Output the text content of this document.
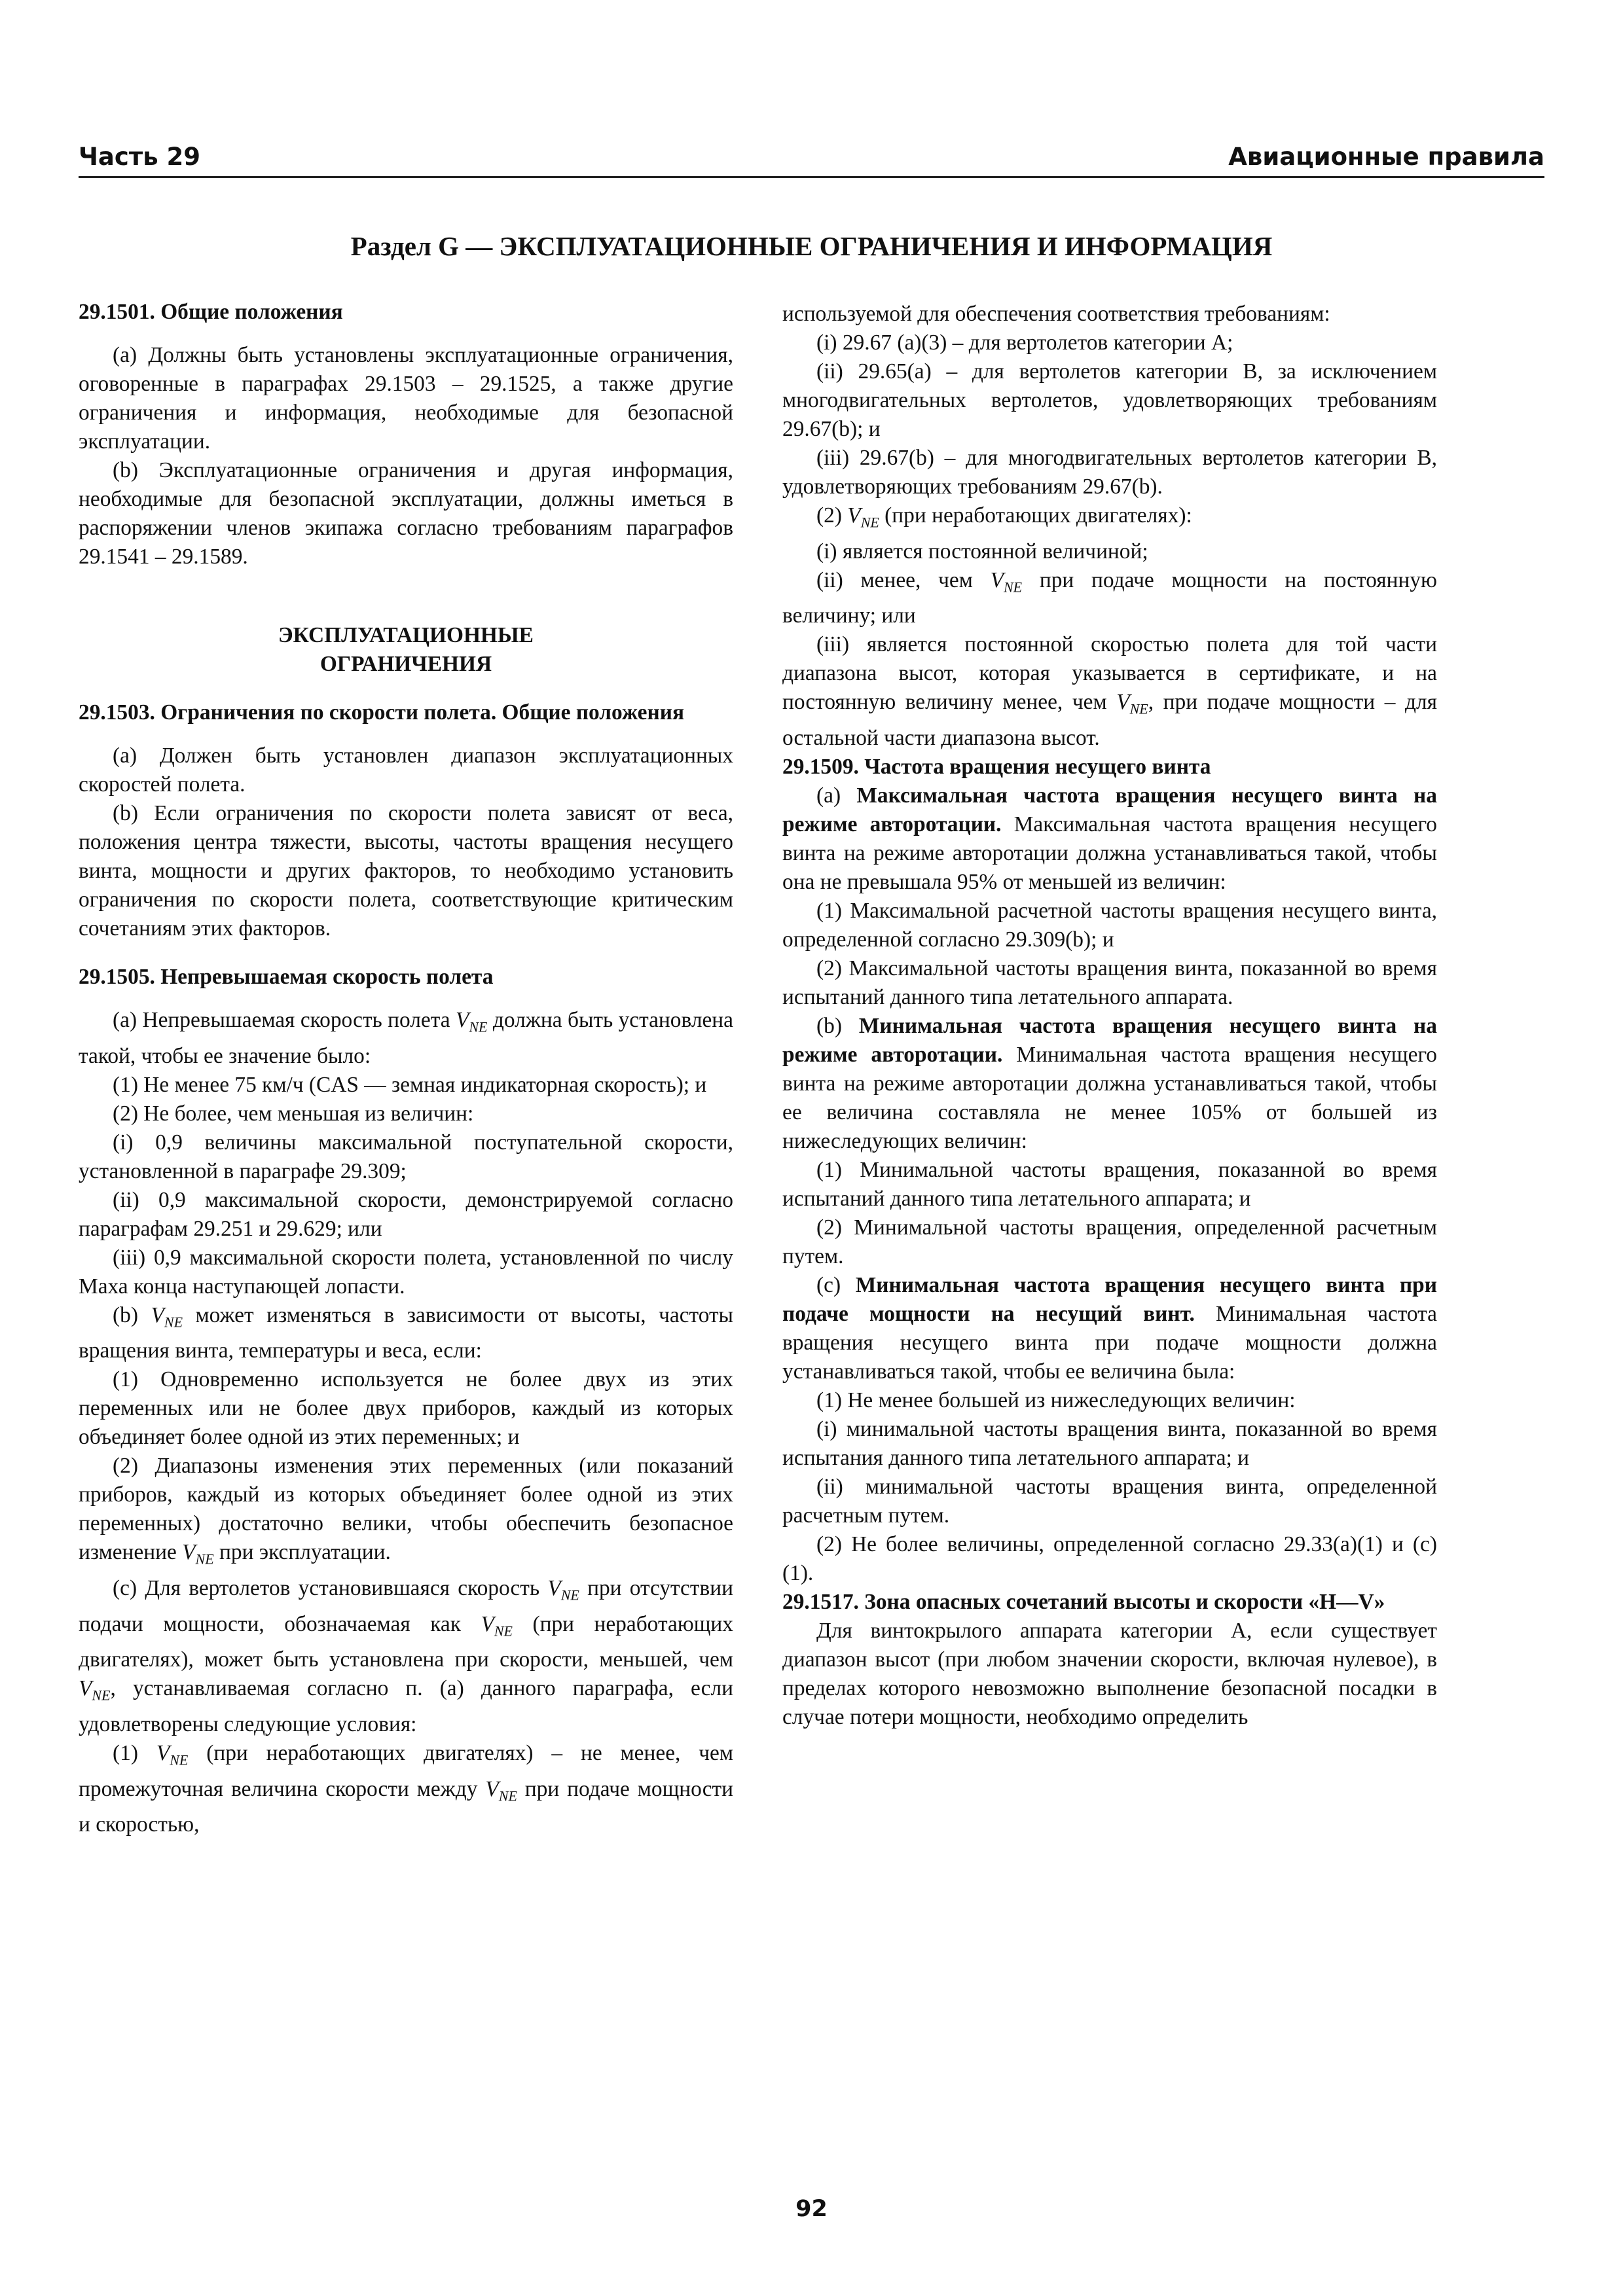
Часть 29	Авиационные правила
Раздел G — ЭКСПЛУАТАЦИОННЫЕ ОГРАНИЧЕНИЯ И ИНФОРМАЦИЯ

29.1501. Общие положения

(a) Должны быть установлены эксплуатационные ограничения, оговоренные в параграфах 29.1503 – 29.1525, а также другие ограничения и информация, необходимые для безопасной эксплуатации.

(b) Эксплуатационные ограничения и другая информация, необходимые для безопасной эксплуатации, должны иметься в распоряжении членов экипажа согласно требованиям параграфов 29.1541 – 29.1589.

ЭКСПЛУАТАЦИОННЫЕ

ОГРАНИЧЕНИЯ

29.1503. Ограничения по скорости полета. Общие положения

(a) Должен быть установлен диапазон эксплуатационных скоростей полета.

(b) Если ограничения по скорости полета зависят от веса, положения центра тяжести, высоты, частоты вращения несущего винта, мощности и других факторов, то необходимо установить ограничения по скорости полета, соответствующие критическим сочетаниям этих факторов.

29.1505. Непревышаемая скорость полета

(a) Непревышаемая скорость полета $V_{NE}$ должна быть установлена такой, чтобы ее значение было:

(1) Не менее 75 км/ч (CAS — земная индикаторная скорость); и

(2) Не более, чем меньшая из величин:

(i) 0,9 величины максимальной поступательной скорости, установленной в параграфе 29.309;

(ii) 0,9 максимальной скорости, демонстрируемой согласно параграфам 29.251 и 29.629; или

(iii) 0,9 максимальной скорости полета, установленной по числу Маха конца наступающей лопасти.

(b) $V_{NE}$ может изменяться в зависимости от высоты, частоты вращения винта, температуры и веса, если:

(1) Одновременно используется не более двух из этих переменных или не более двух приборов, каждый из которых объединяет более одной из этих переменных; и

(2) Диапазоны изменения этих переменных (или показаний приборов, каждый из которых объединяет более одной из этих переменных) достаточно велики, чтобы обеспечить безопасное изменение $V_{NE}$ при эксплуатации.

(c) Для вертолетов установившаяся скорость $V_{NE}$ при отсутствии подачи мощности, обозначаемая как $V_{NE}$ (при неработающих двигателях), может быть установлена при скорости, меньшей, чем $V_{NE}$, устанавливаемая согласно п. (a) данного параграфа, если удовлетворены следующие условия:

(1) $V_{NE}$ (при неработающих двигателях) – не менее, чем промежуточная величина скорости между $V_{NE}$ при подаче мощности и скоростью,

используемой для обеспечения соответствия требованиям:

(i) 29.67 (a)(3) – для вертолетов категории А;

(ii) 29.65(a) – для вертолетов категории В, за исключением многодвигательных вертолетов, удовлетворяющих требованиям 29.67(b); и

(iii) 29.67(b) – для многодвигательных вертолетов категории В, удовлетворяющих требованиям 29.67(b).

(2) $V_{NE}$ (при неработающих двигателях):

(i) является постоянной величиной;

(ii) менее, чем $V_{NE}$ при подаче мощности на постоянную величину; или

(iii) является постоянной скоростью полета для той части диапазона высот, которая указывается в сертификате, и на постоянную величину менее, чем $V_{NE}$, при подаче мощности – для остальной части диапазона высот.

29.1509. Частота вращения несущего винта

(a) Максимальная частота вращения несущего винта на режиме авторотации. Максимальная частота вращения несущего винта на режиме авторотации должна устанавливаться такой, чтобы она не превышала 95% от меньшей из величин:

(1) Максимальной расчетной частоты вращения несущего винта, определенной согласно 29.309(b); и

(2) Максимальной частоты вращения винта, показанной во время испытаний данного типа летательного аппарата.

(b) Минимальная частота вращения несущего винта на режиме авторотации. Минимальная частота вращения несущего винта на режиме авторотации должна устанавливаться такой, чтобы ее величина составляла не менее 105% от большей из нижеследующих величин:

(1) Минимальной частоты вращения, показанной во время испытаний данного типа летательного аппарата; и

(2) Минимальной частоты вращения, определенной расчетным путем.

(c) Минимальная частота вращения несущего винта при подаче мощности на несущий винт. Минимальная частота вращения несущего винта при подаче мощности должна устанавливаться такой, чтобы ее величина была:

(1) Не менее большей из нижеследующих величин:

(i) минимальной частоты вращения винта, показанной во время испытания данного типа летательного аппарата; и

(ii) минимальной частоты вращения винта, определенной расчетным путем.

(2) Не более величины, определенной согласно 29.33(a)(1) и (c)(1).

29.1517. Зона опасных сочетаний высоты и скорости «H—V»

Для винтокрылого аппарата категории А, если существует диапазон высот (при любом значении скорости, включая нулевое), в пределах которого невозможно выполнение безопасной посадки в случае потери мощности, необходимо определить

92
